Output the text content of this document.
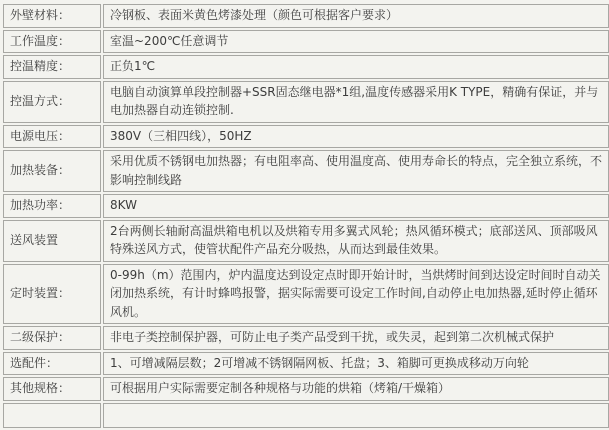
外壁材料：	冷钢板、表面米黄色烤漆处理（颜色可根据客户要求）
工作温度：	室温~200℃任意调节
控温精度：	正负1℃
控温方式：	电脑自动演算单段控制器+SSR固态继电器*1组,温度传感器采用K TYPE，精确有保证，并与电加热器自动连锁控制.
电源电压：	380V（三相四线），50HZ
加热装备：	采用优质不锈钢电加热器；有电阻率高、使用温度高、使用寿命长的特点，完全独立系统，不影响控制线路
加热功率：	8KW
送风装置	2台两侧长轴耐高温烘箱电机以及烘箱专用多翼式风轮；热风循环模式；底部送风、顶部吸风特殊送风方式，使管状配件产品充分吸热，从而达到最佳效果。
定时装置：	0-99h（m）范围内，炉内温度达到设定点时即开始计时，当烘烤时间到达设定时间时自动关闭加热系统，有计时蜂鸣报警，据实际需要可设定工作时间,自动停止电加热器,延时停止循环风机。
二级保护：	非电子类控制保护器，可防止电子类产品受到干扰，或失灵，起到第二次机械式保护
选配件：	1、可增减隔层数；2可增减不锈钢隔网板、托盘；3、箱脚可更换成移动万向轮
其他规格：	可根据用户实际需要定制各种规格与功能的烘箱（烤箱/干燥箱）
